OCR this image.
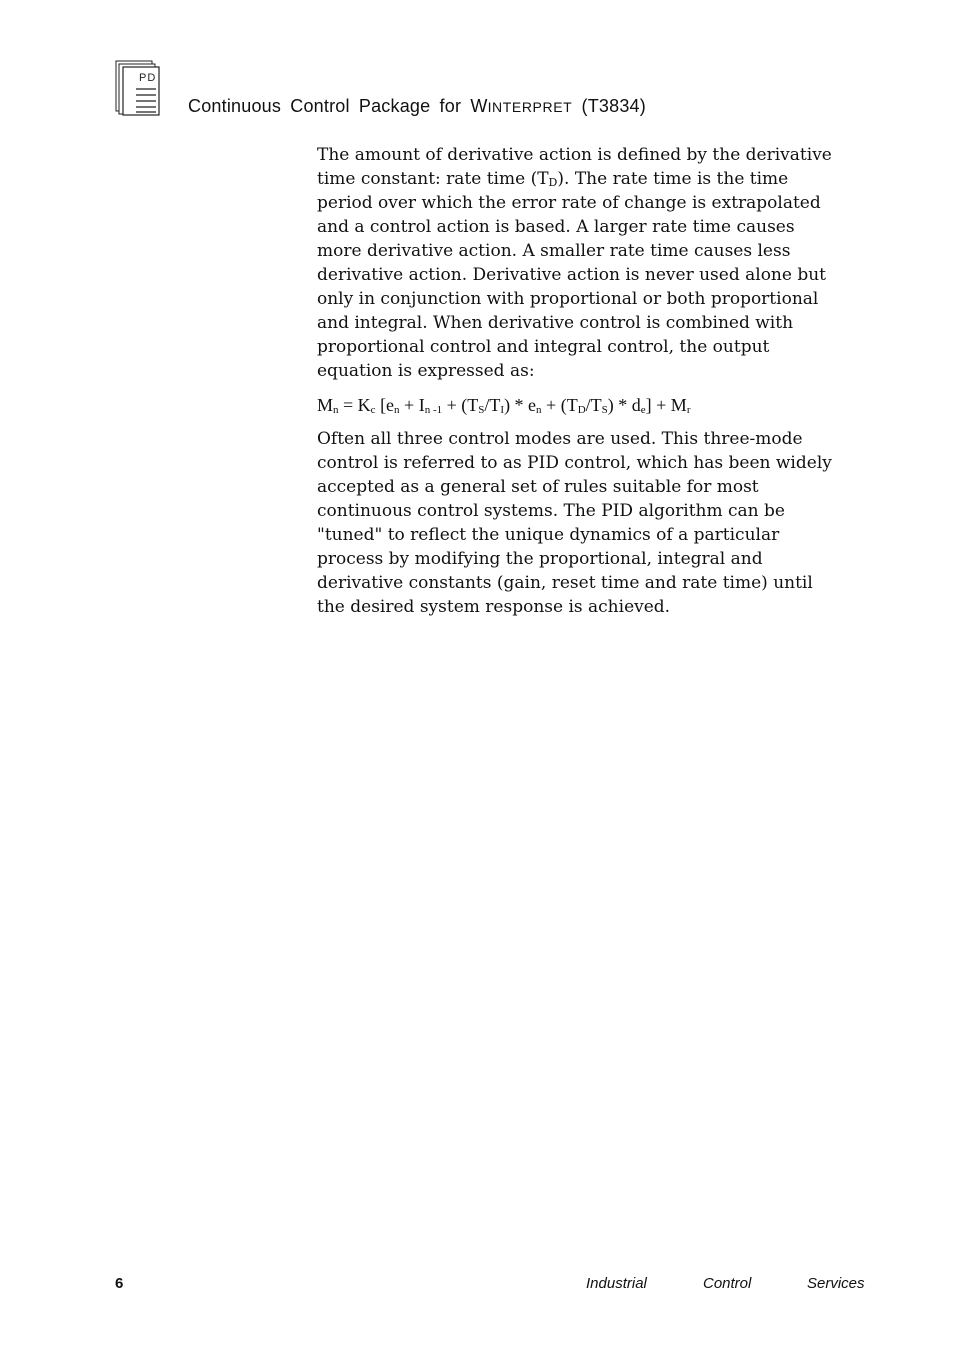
PD
Continuous Control Package for WINTERPRET (T3834)

The amount of derivative action is defined by the derivative time constant: rate time $(T_D)$. The rate time is the time period over which the error rate of change is extrapolated and a control action is based. A larger rate time causes more derivative action. A smaller rate time causes less derivative action. Derivative action is never used alone but only in conjunction with proportional or both proportional and integral. When derivative control is combined with proportional control and integral control, the output equation is expressed as:

$M_n = K_c$ $[e_n + I_{n -1} + (T_S/T_I) * e_n + (T_D/T_S) * d_e] + M_r$

Often all three control modes are used. This three-mode control is referred to as PID control, which has been widely accepted as a general set of rules suitable for most continuous control systems. The PID algorithm can be "tuned" to reflect the unique dynamics of a particular process by modifying the proportional, integral and derivative constants (gain, reset time and rate time) until the desired system response is achieved.

6	Industrial	Control	Services
